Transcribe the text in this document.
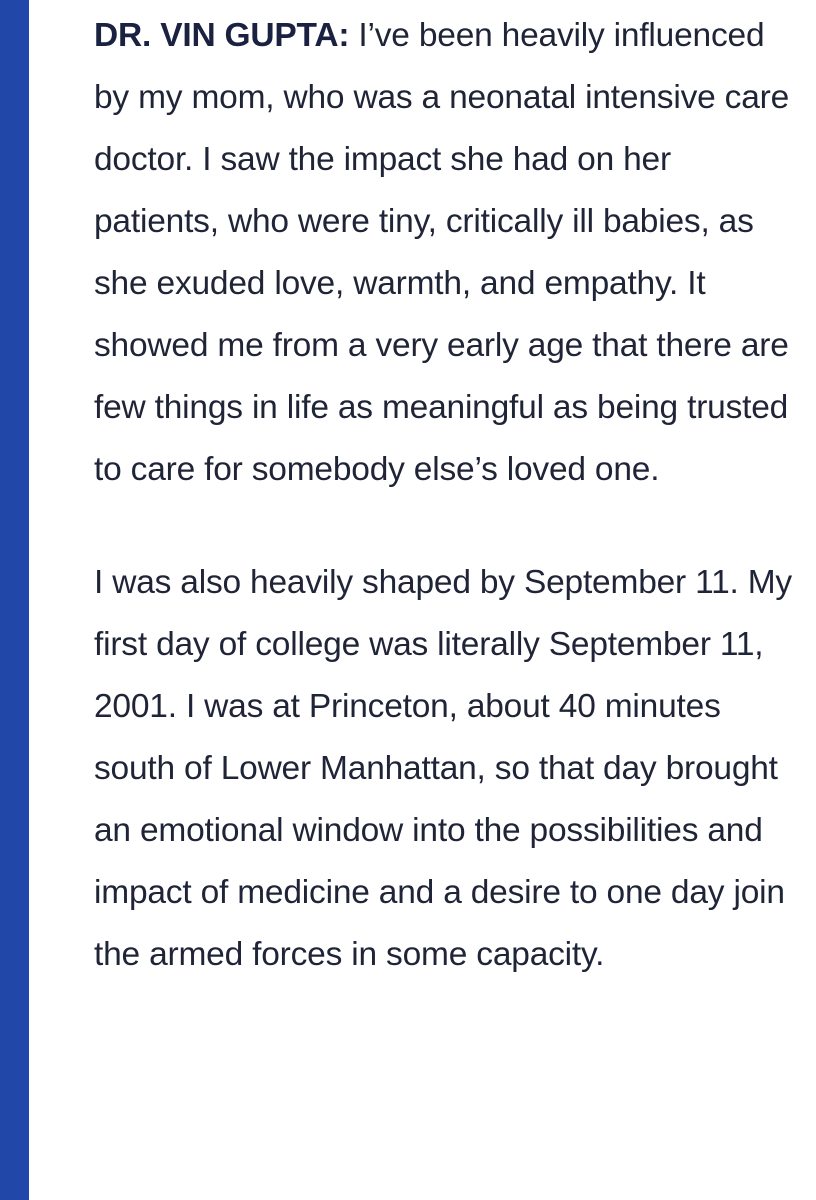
DR. VIN GUPTA: I’ve been heavily influenced by my mom, who was a neonatal intensive care doctor. I saw the impact she had on her patients, who were tiny, critically ill babies, as she exuded love, warmth, and empathy. It showed me from a very early age that there are few things in life as meaningful as being trusted to care for somebody else’s loved one.

I was also heavily shaped by September 11. My first day of college was literally September 11, 2001. I was at Princeton, about 40 minutes south of Lower Manhattan, so that day brought an emotional window into the possibilities and impact of medicine and a desire to one day join the armed forces in some capacity.
